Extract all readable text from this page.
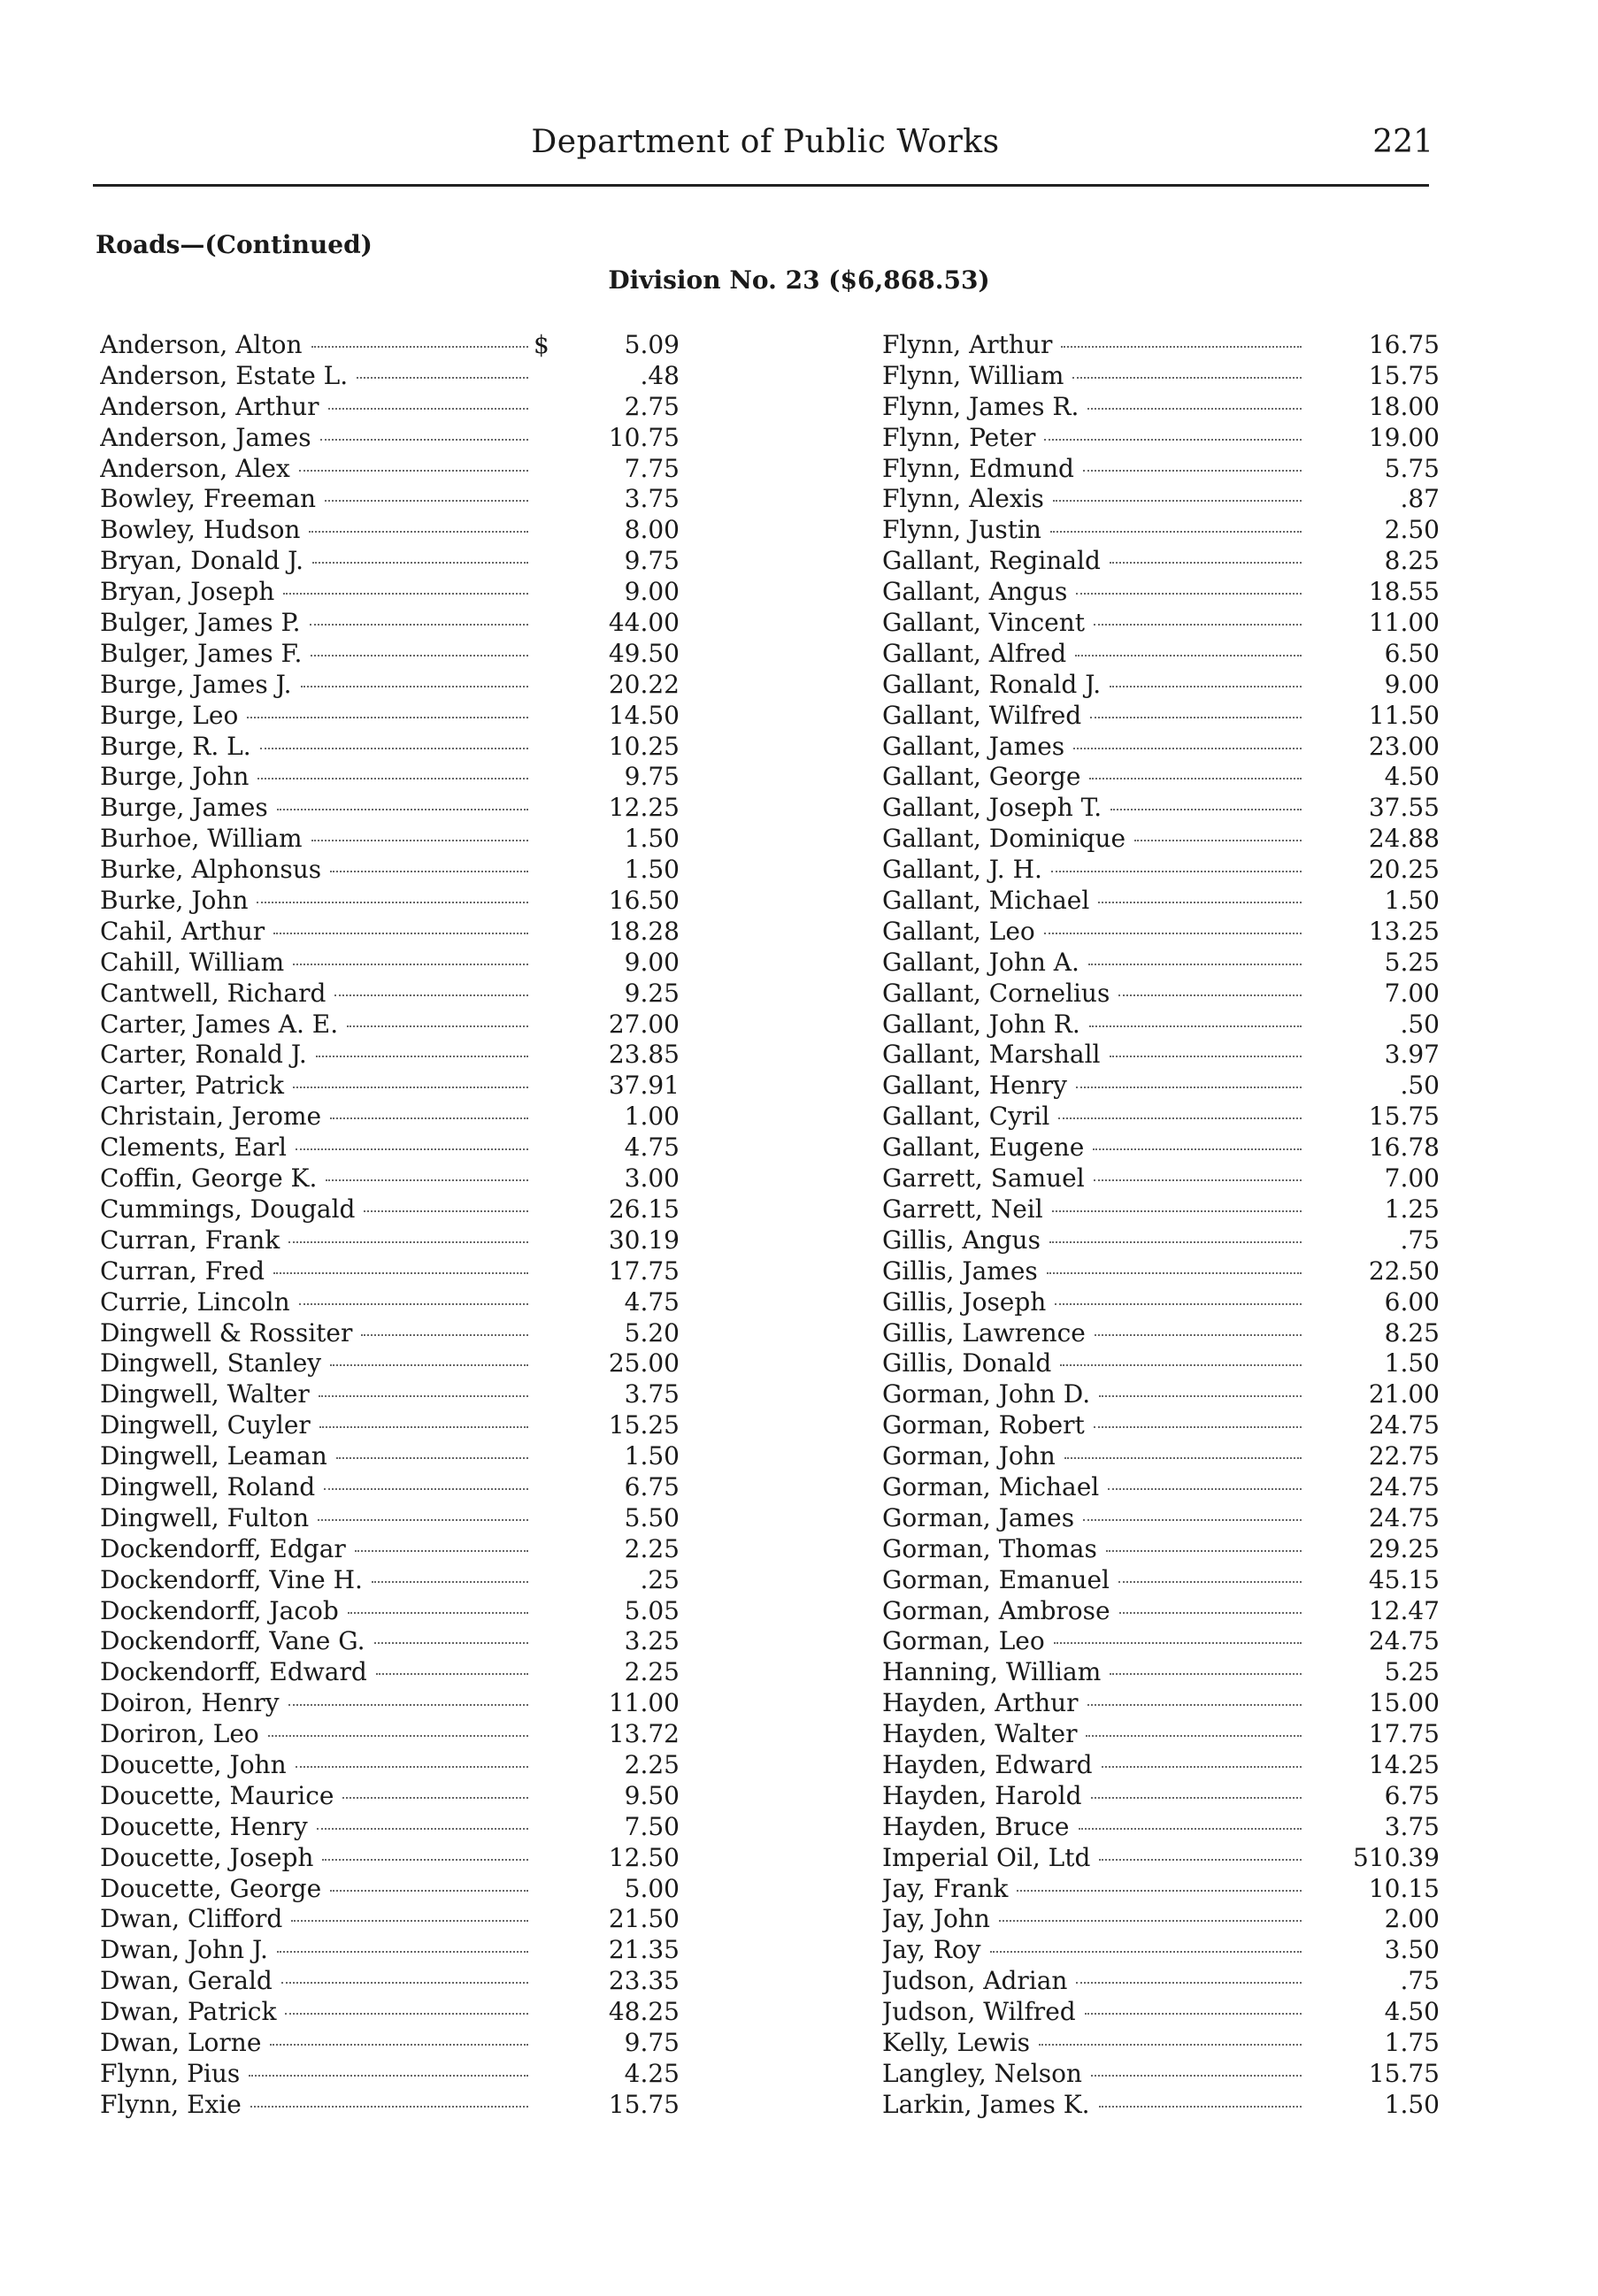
Department of Public Works	221
Roads—(Continued)
Division No. 23 ($6,868.53)
Anderson, Alton	$	5.09
Anderson, Estate L.	.48
Anderson, Arthur	2.75
Anderson, James	10.75
Anderson, Alex	7.75
Bowley, Freeman	3.75
Bowley, Hudson	8.00
Bryan, Donald J.	9.75
Bryan, Joseph	9.00
Bulger, James P.	44.00
Bulger, James F.	49.50
Burge, James J.	20.22
Burge, Leo	14.50
Burge, R. L.	10.25
Burge, John	9.75
Burge, James	12.25
Burhoe, William	1.50
Burke, Alphonsus	1.50
Burke, John	16.50
Cahil, Arthur	18.28
Cahill, William	9.00
Cantwell, Richard	9.25
Carter, James A. E.	27.00
Carter, Ronald J.	23.85
Carter, Patrick	37.91
Christain, Jerome	1.00
Clements, Earl	4.75
Coffin, George K.	3.00
Cummings, Dougald	26.15
Curran, Frank	30.19
Curran, Fred	17.75
Currie, Lincoln	4.75
Dingwell & Rossiter	5.20
Dingwell, Stanley	25.00
Dingwell, Walter	3.75
Dingwell, Cuyler	15.25
Dingwell, Leaman	1.50
Dingwell, Roland	6.75
Dingwell, Fulton	5.50
Dockendorff, Edgar	2.25
Dockendorff, Vine H.	.25
Dockendorff, Jacob	5.05
Dockendorff, Vane G.	3.25
Dockendorff, Edward	2.25
Doiron, Henry	11.00
Doriron, Leo	13.72
Doucette, John	2.25
Doucette, Maurice	9.50
Doucette, Henry	7.50
Doucette, Joseph	12.50
Doucette, George	5.00
Dwan, Clifford	21.50
Dwan, John J.	21.35
Dwan, Gerald	23.35
Dwan, Patrick	48.25
Dwan, Lorne	9.75
Flynn, Pius	4.25
Flynn, Exie	15.75
Flynn, Arthur	16.75
Flynn, William	15.75
Flynn, James R.	18.00
Flynn, Peter	19.00
Flynn, Edmund	5.75
Flynn, Alexis	.87
Flynn, Justin	2.50
Gallant, Reginald	8.25
Gallant, Angus	18.55
Gallant, Vincent	11.00
Gallant, Alfred	6.50
Gallant, Ronald J.	9.00
Gallant, Wilfred	11.50
Gallant, James	23.00
Gallant, George	4.50
Gallant, Joseph T.	37.55
Gallant, Dominique	24.88
Gallant, J. H.	20.25
Gallant, Michael	1.50
Gallant, Leo	13.25
Gallant, John A.	5.25
Gallant, Cornelius	7.00
Gallant, John R.	.50
Gallant, Marshall	3.97
Gallant, Henry	.50
Gallant, Cyril	15.75
Gallant, Eugene	16.78
Garrett, Samuel	7.00
Garrett, Neil	1.25
Gillis, Angus	.75
Gillis, James	22.50
Gillis, Joseph	6.00
Gillis, Lawrence	8.25
Gillis, Donald	1.50
Gorman, John D.	21.00
Gorman, Robert	24.75
Gorman, John	22.75
Gorman, Michael	24.75
Gorman, James	24.75
Gorman, Thomas	29.25
Gorman, Emanuel	45.15
Gorman, Ambrose	12.47
Gorman, Leo	24.75
Hanning, William	5.25
Hayden, Arthur	15.00
Hayden, Walter	17.75
Hayden, Edward	14.25
Hayden, Harold	6.75
Hayden, Bruce	3.75
Imperial Oil, Ltd	510.39
Jay, Frank	10.15
Jay, John	2.00
Jay, Roy	3.50
Judson, Adrian	.75
Judson, Wilfred	4.50
Kelly, Lewis	1.75
Langley, Nelson	15.75
Larkin, James K.	1.50
